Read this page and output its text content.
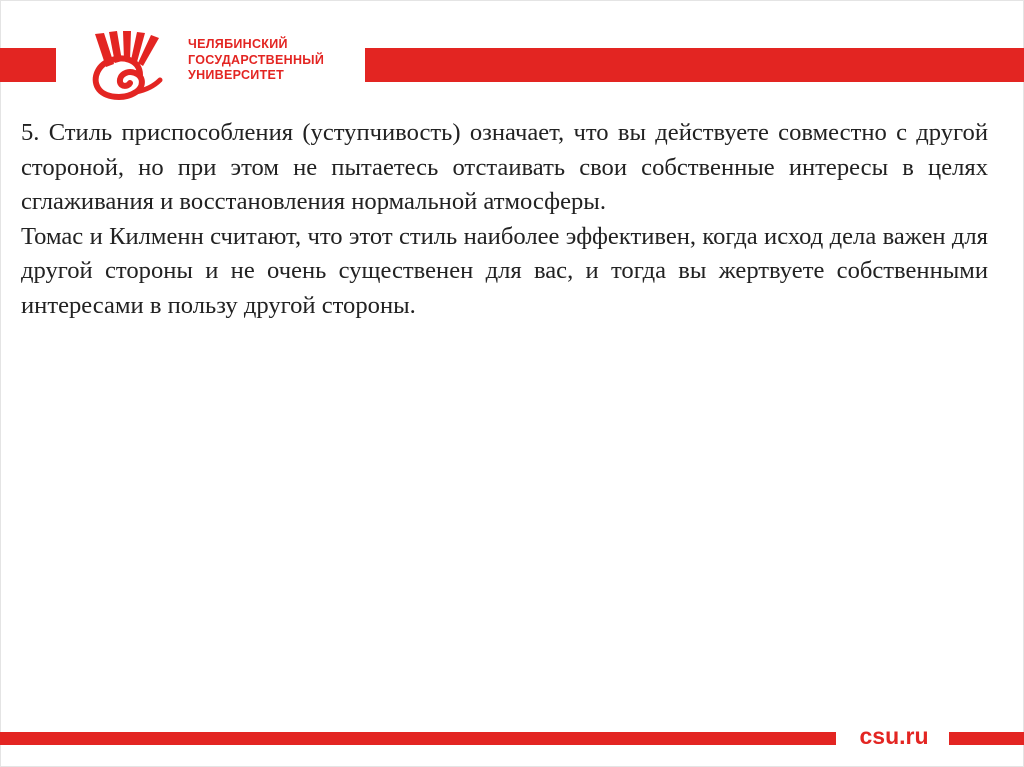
ЧЕЛЯБИНСКИЙ
ГОСУДАРСТВЕННЫЙ
УНИВЕРСИТЕТ

5. Стиль приспособления (уступчивость) означает, что вы действуете совместно с другой стороной, но при этом не пытаетесь отстаивать свои собственные интересы в целях сглаживания и восстановления нормальной атмосферы.

Томас и Килменн считают, что этот стиль наиболее эффективен, когда исход дела важен для другой стороны и не очень существенен для вас, и тогда вы жертвуете собственными интересами в пользу другой стороны.

csu.ru
